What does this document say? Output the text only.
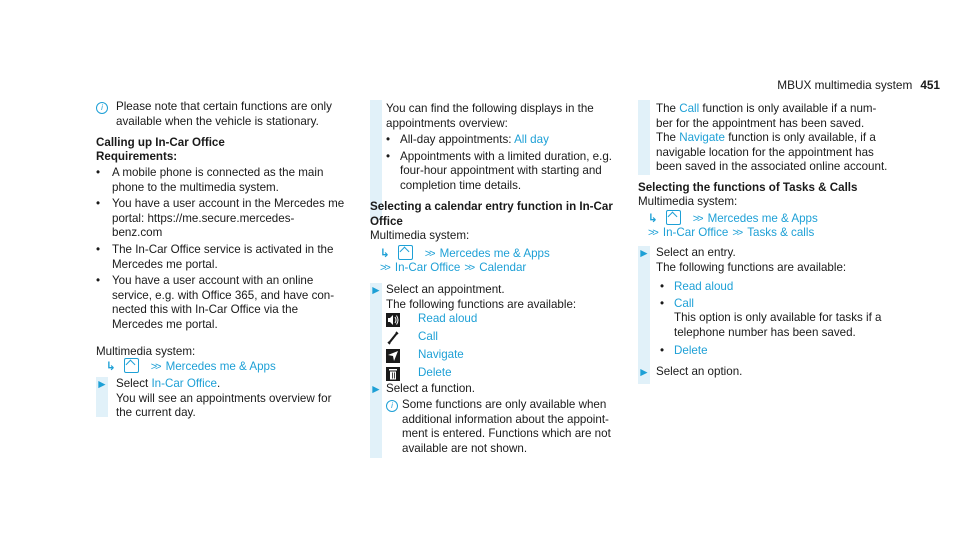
MBUX multimedia system 451
i	Please note that certain functions are only
available when the vehicle is stationary.
Calling up In-Car Office
Requirements:
• A mobile phone is connected as the main
phone to the multimedia system.
• You have a user account in the Mercedes me
portal: https://me.secure.mercedes-
benz.com
• The In-Car Office service is activated in the
Mercedes me portal.
• You have a user account with an online
service, e.g. with Office 365, and have con-
nected this with In-Car Office via the
Mercedes me portal.
Multimedia system:
↳	>> Mercedes me & Apps
► Select In-Car Office.
You will see an appointments overview for
the current day.
You can find the following displays in the
appointments overview:
• All-day appointments: All day
• Appointments with a limited duration, e.g.
four-hour appointment with starting and
completion time details.
Selecting a calendar entry function in In-Car
Office
Multimedia system:
↳	>> Mercedes me & Apps
>> In-Car Office >> Calendar
► Select an appointment.
The following functions are available:
Read aloud
Call
Navigate
Delete
► Select a function.
i Some functions are only available when
additional information about the appoint-
ment is entered. Functions which are not
available are not shown.
The Call function is only available if a num-
ber for the appointment has been saved.
The Navigate function is only available, if a
navigable location for the appointment has
been saved in the associated online account.
Selecting the functions of Tasks & Calls
Multimedia system:
↳	>> Mercedes me & Apps
>> In-Car Office >> Tasks & calls
► Select an entry.
The following functions are available:
• Read aloud
• Call
This option is only available for tasks if a
telephone number has been saved.
• Delete
► Select an option.
